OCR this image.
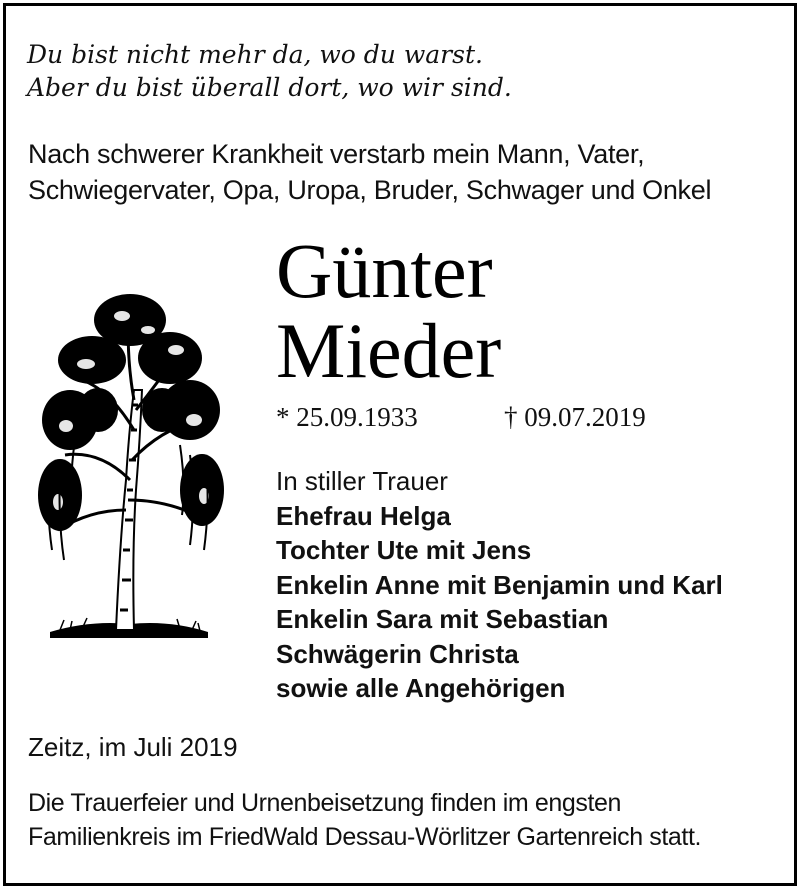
Du bist nicht mehr da, wo du warst.
Aber du bist überall dort, wo wir sind.
Nach schwerer Krankheit verstarb mein Mann, Vater,
Schwiegervater, Opa, Uropa, Bruder, Schwager und Onkel
Günter
Mieder
* 25.09.1933	† 09.07.2019
In stiller Trauer
Ehefrau Helga
Tochter Ute mit Jens
Enkelin Anne mit Benjamin und Karl
Enkelin Sara mit Sebastian
Schwägerin Christa
sowie alle Angehörigen
Zeitz, im Juli 2019
Die Trauerfeier und Urnenbeisetzung finden im engsten
Familienkreis im FriedWald Dessau-Wörlitzer Gartenreich statt.
